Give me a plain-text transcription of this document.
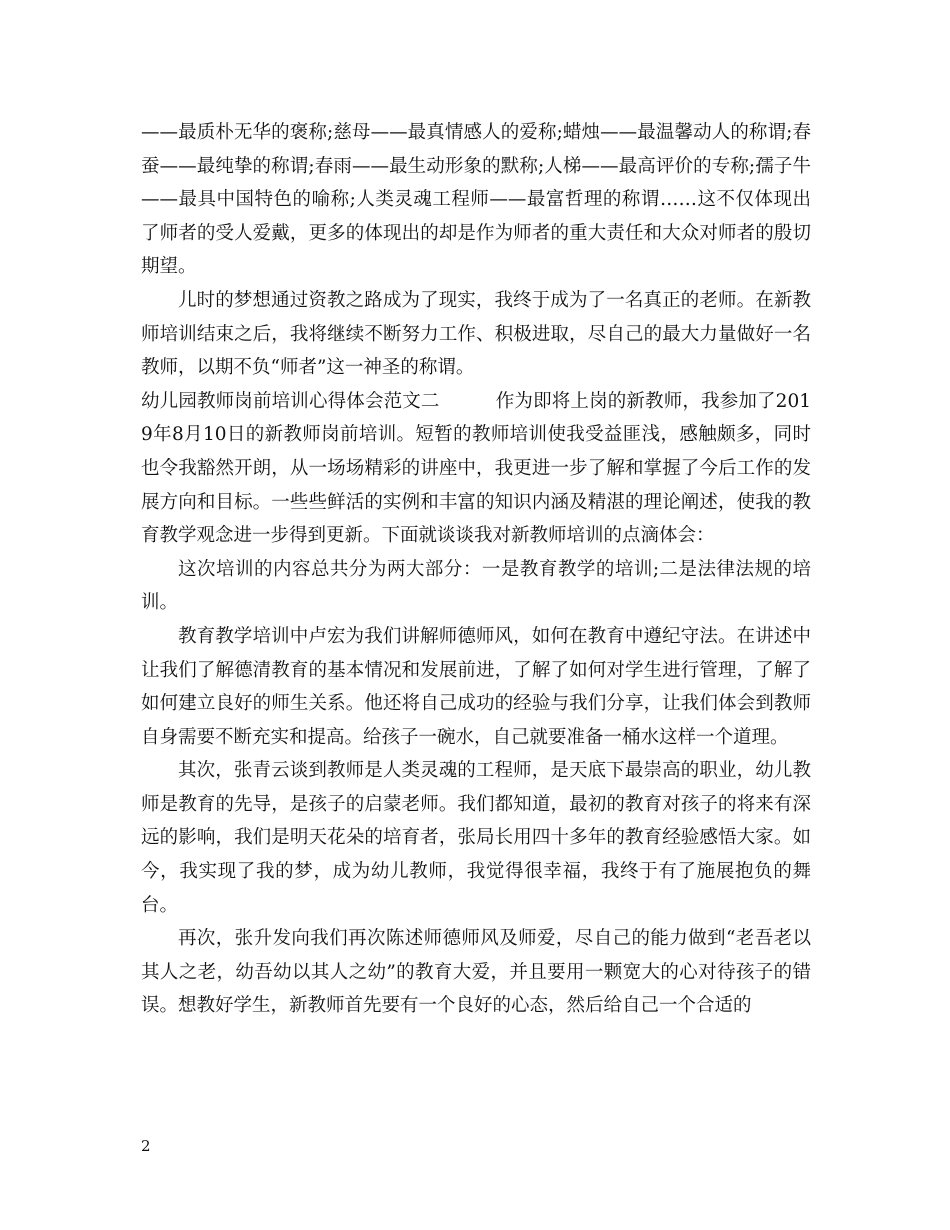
——最质朴无华的褒称;慈母——最真情感人的爱称;蜡烛——最温馨动人的称谓;春蚕——最纯挚的称谓;春雨——最生动形象的默称;人梯——最高评价的专称;孺子牛——最具中国特色的喻称;人类灵魂工程师——最富哲理的称谓……这不仅体现出了师者的受人爱戴，更多的体现出的却是作为师者的重大责任和大众对师者的殷切期望。

儿时的梦想通过资教之路成为了现实，我终于成为了一名真正的老师。在新教师培训结束之后，我将继续不断努力工作、积极进取，尽自己的最大力量做好一名教师，以期不负“师者”这一神圣的称谓。

幼儿园教师岗前培训心得体会范文二	作为即将上岗的新教师，我参加了2019年8月10日的新教师岗前培训。短暂的教师培训使我受益匪浅，感触颇多，同时也令我豁然开朗，从一场场精彩的讲座中，我更进一步了解和掌握了今后工作的发展方向和目标。一些些鲜活的实例和丰富的知识内涵及精湛的理论阐述，使我的教育教学观念进一步得到更新。下面就谈谈我对新教师培训的点滴体会：

这次培训的内容总共分为两大部分：一是教育教学的培训;二是法律法规的培训。

教育教学培训中卢宏为我们讲解师德师风，如何在教育中遵纪守法。在讲述中让我们了解德清教育的基本情况和发展前进，了解了如何对学生进行管理，了解了如何建立良好的师生关系。他还将自己成功的经验与我们分享，让我们体会到教师自身需要不断充实和提高。给孩子一碗水，自己就要准备一桶水这样一个道理。

其次，张青云谈到教师是人类灵魂的工程师，是天底下最崇高的职业，幼儿教师是教育的先导，是孩子的启蒙老师。我们都知道，最初的教育对孩子的将来有深远的影响，我们是明天花朵的培育者，张局长用四十多年的教育经验感悟大家。如今，我实现了我的梦，成为幼儿教师，我觉得很幸福，我终于有了施展抱负的舞台。

再次，张升发向我们再次陈述师德师风及师爱，尽自己的能力做到“老吾老以其人之老，幼吾幼以其人之幼”的教育大爱，并且要用一颗宽大的心对待孩子的错误。想教好学生，新教师首先要有一个良好的心态，然后给自己一个合适的

2
